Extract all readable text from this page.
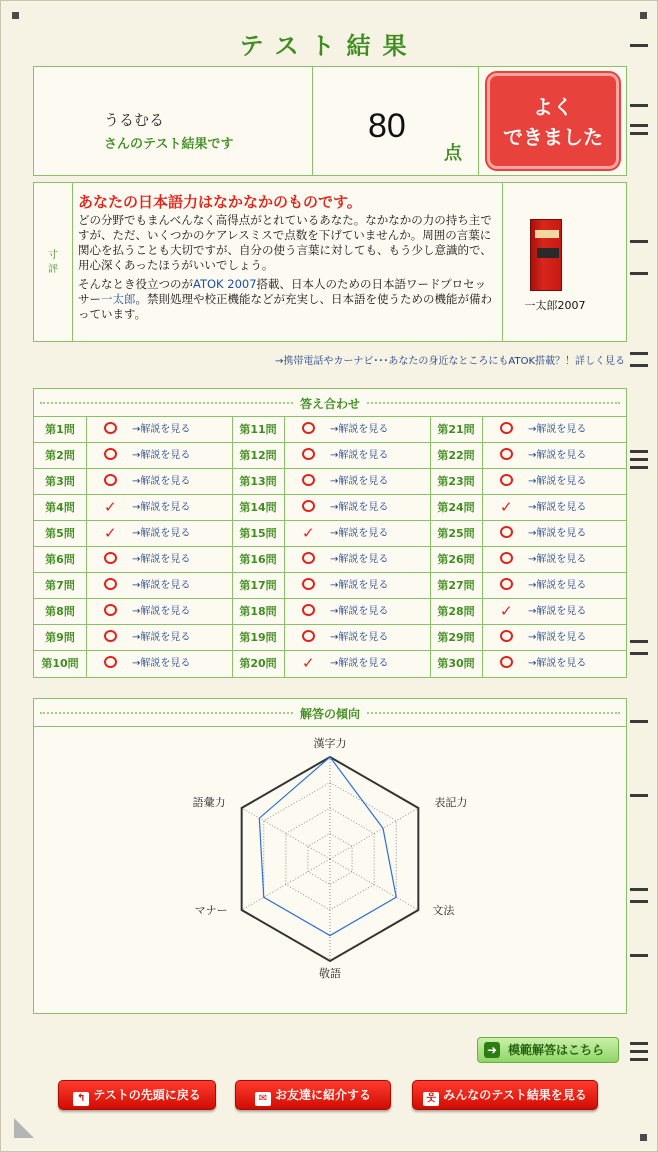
テスト結果
うるむる
さんのテスト結果です	80
点
よく
できました
寸評
あなたの日本語力はなかなかのものです。
どの分野でもまんべんなく高得点がとれているあなた。なかなかの力の持ち主ですが、ただ、いくつかのケアレスミスで点数を下げていませんか。周囲の言葉に関心を払うことも大切ですが、自分の使う言葉に対しても、もう少し意識的で、用心深くあったほうがいいでしょう。
そんなとき役立つのがATOK 2007搭載、日本人のための日本語ワードプロセッサー一太郎。禁則処理や校正機能などが充実し、日本語を使うための機能が備わっています。
一太郎2007
→携帯電話やカーナビ･･･あなたの身近なところにもATOK搭載？！詳しく見る
答え合わせ
第1問	→解説を見る	第11問	→解説を見る	第21問	→解説を見る
第2問	→解説を見る	第12問	→解説を見る	第22問	→解説を見る
第3問	→解説を見る	第13問	→解説を見る	第23問	→解説を見る
第4問	✓ →解説を見る	第14問	→解説を見る	第24問	✓ →解説を見る
第5問	✓ →解説を見る	第15問	✓ →解説を見る	第25問	→解説を見る
第6問	→解説を見る	第16問	→解説を見る	第26問	→解説を見る
第7問	→解説を見る	第17問	→解説を見る	第27問	→解説を見る
第8問	→解説を見る	第18問	→解説を見る	第28問	✓ →解説を見る
第9問	→解説を見る	第19問	→解説を見る	第29問	→解説を見る
第10問	→解説を見る	第20問	✓ →解説を見る	第30問	→解説を見る
解答の傾向
漢字力
表記力
文法
敬語
マナー
語彙力
➜ 模範解答はこちら
↰ テストの先頭に戻る	✉ お友達に紹介する	웃 みんなのテスト結果を見る
